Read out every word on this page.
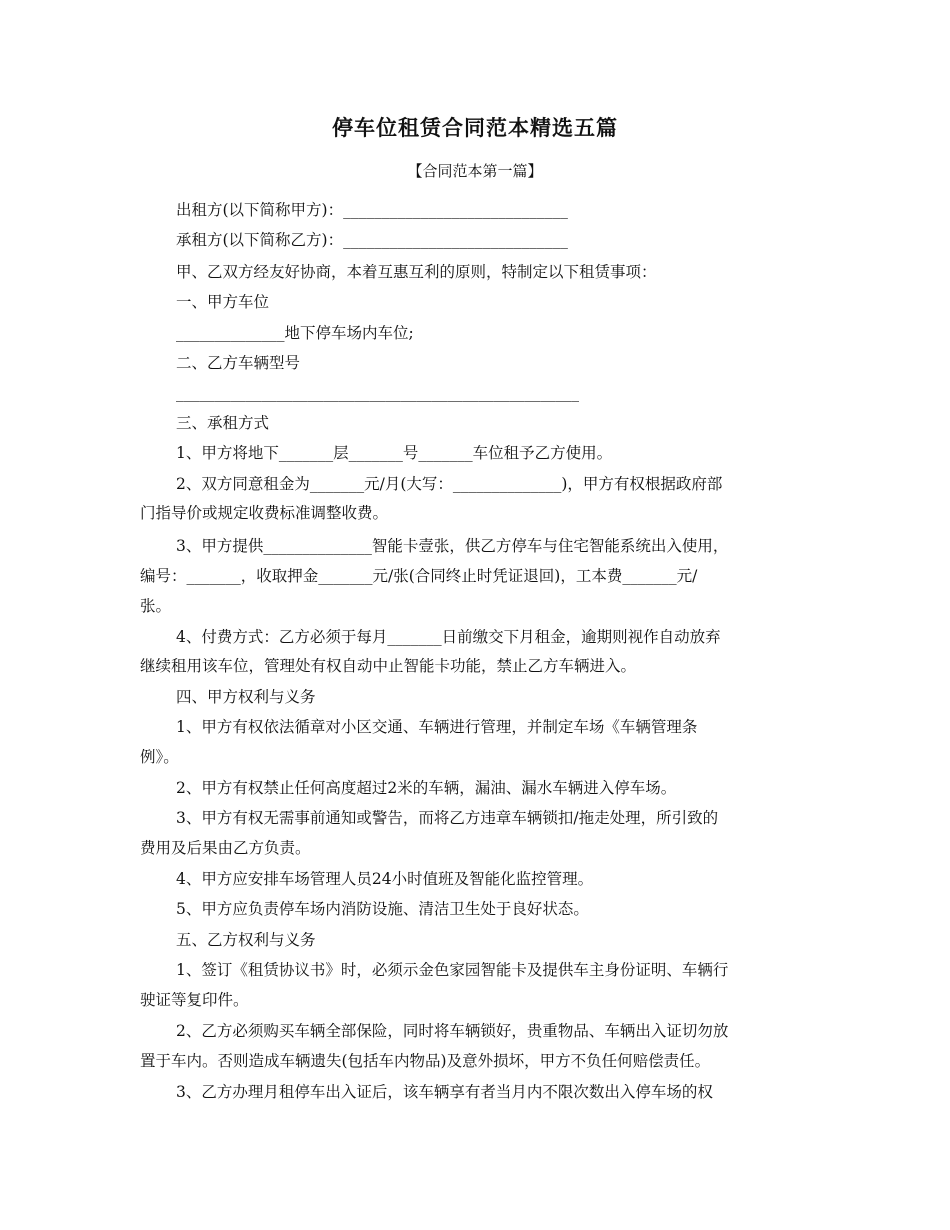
停车位租赁合同范本精选五篇
【合同范本第一篇】
出租方(以下简称甲方)：_____________________________
承租方(以下简称乙方)：_____________________________
甲、乙双方经友好协商，本着互惠互利的原则，特制定以下租赁事项：
一、甲方车位
______________地下停车场内车位;
二、乙方车辆型号
____________________________________________________
三、承租方式
1、甲方将地下_______层_______号_______车位租予乙方使用。
2、双方同意租金为_______元/月(大写：______________)，甲方有权根据政府部
门指导价或规定收费标准调整收费。
3、甲方提供______________智能卡壹张，供乙方停车与住宅智能系统出入使用，
编号：_______，收取押金_______元/张(合同终止时凭证退回)，工本费_______元/
张。
4、付费方式：乙方必须于每月_______日前缴交下月租金，逾期则视作自动放弃
继续租用该车位，管理处有权自动中止智能卡功能，禁止乙方车辆进入。
四、甲方权利与义务
1、甲方有权依法循章对小区交通、车辆进行管理，并制定车场《车辆管理条
例》。
2、甲方有权禁止任何高度超过2米的车辆，漏油、漏水车辆进入停车场。
3、甲方有权无需事前通知或警告，而将乙方违章车辆锁扣/拖走处理，所引致的
费用及后果由乙方负责。
4、甲方应安排车场管理人员24小时值班及智能化监控管理。
5、甲方应负责停车场内消防设施、清洁卫生处于良好状态。
五、乙方权利与义务
1、签订《租赁协议书》时，必须示金色家园智能卡及提供车主身份证明、车辆行
驶证等复印件。
2、乙方必须购买车辆全部保险，同时将车辆锁好，贵重物品、车辆出入证切勿放
置于车内。否则造成车辆遗失(包括车内物品)及意外损坏，甲方不负任何赔偿责任。
3、乙方办理月租停车出入证后，该车辆享有者当月内不限次数出入停车场的权
